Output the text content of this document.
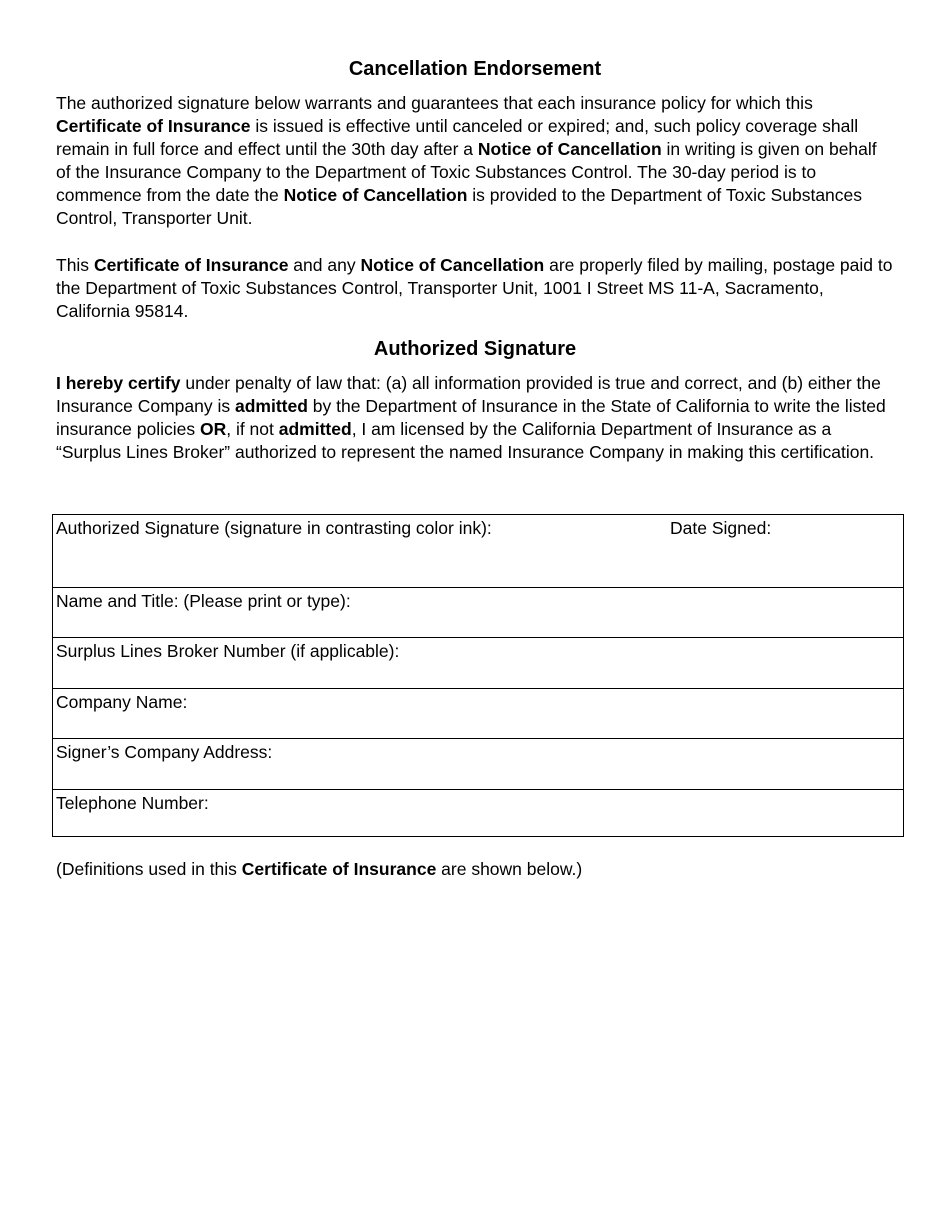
Cancellation Endorsement

The authorized signature below warrants and guarantees that each insurance policy for which this Certificate of Insurance is issued is effective until canceled or expired; and, such policy coverage shall remain in full force and effect until the 30th day after a Notice of Cancellation in writing is given on behalf of the Insurance Company to the Department of Toxic Substances Control. The 30-day period is to commence from the date the Notice of Cancellation is provided to the Department of Toxic Substances Control, Transporter Unit.

This Certificate of Insurance and any Notice of Cancellation are properly filed by mailing, postage paid to the Department of Toxic Substances Control, Transporter Unit, 1001 I Street MS 11-A, Sacramento, California 95814.

Authorized Signature

I hereby certify under penalty of law that: (a) all information provided is true and correct, and (b) either the Insurance Company is admitted by the Department of Insurance in the State of California to write the listed insurance policies OR, if not admitted, I am licensed by the California Department of Insurance as a “Surplus Lines Broker” authorized to represent the named Insurance Company in making this certification.

Authorized Signature (signature in contrasting color ink):	Date Signed:
Name and Title: (Please print or type):
Surplus Lines Broker Number (if applicable):
Company Name:
Signer’s Company Address:
Telephone Number:

(Definitions used in this Certificate of Insurance are shown below.)
